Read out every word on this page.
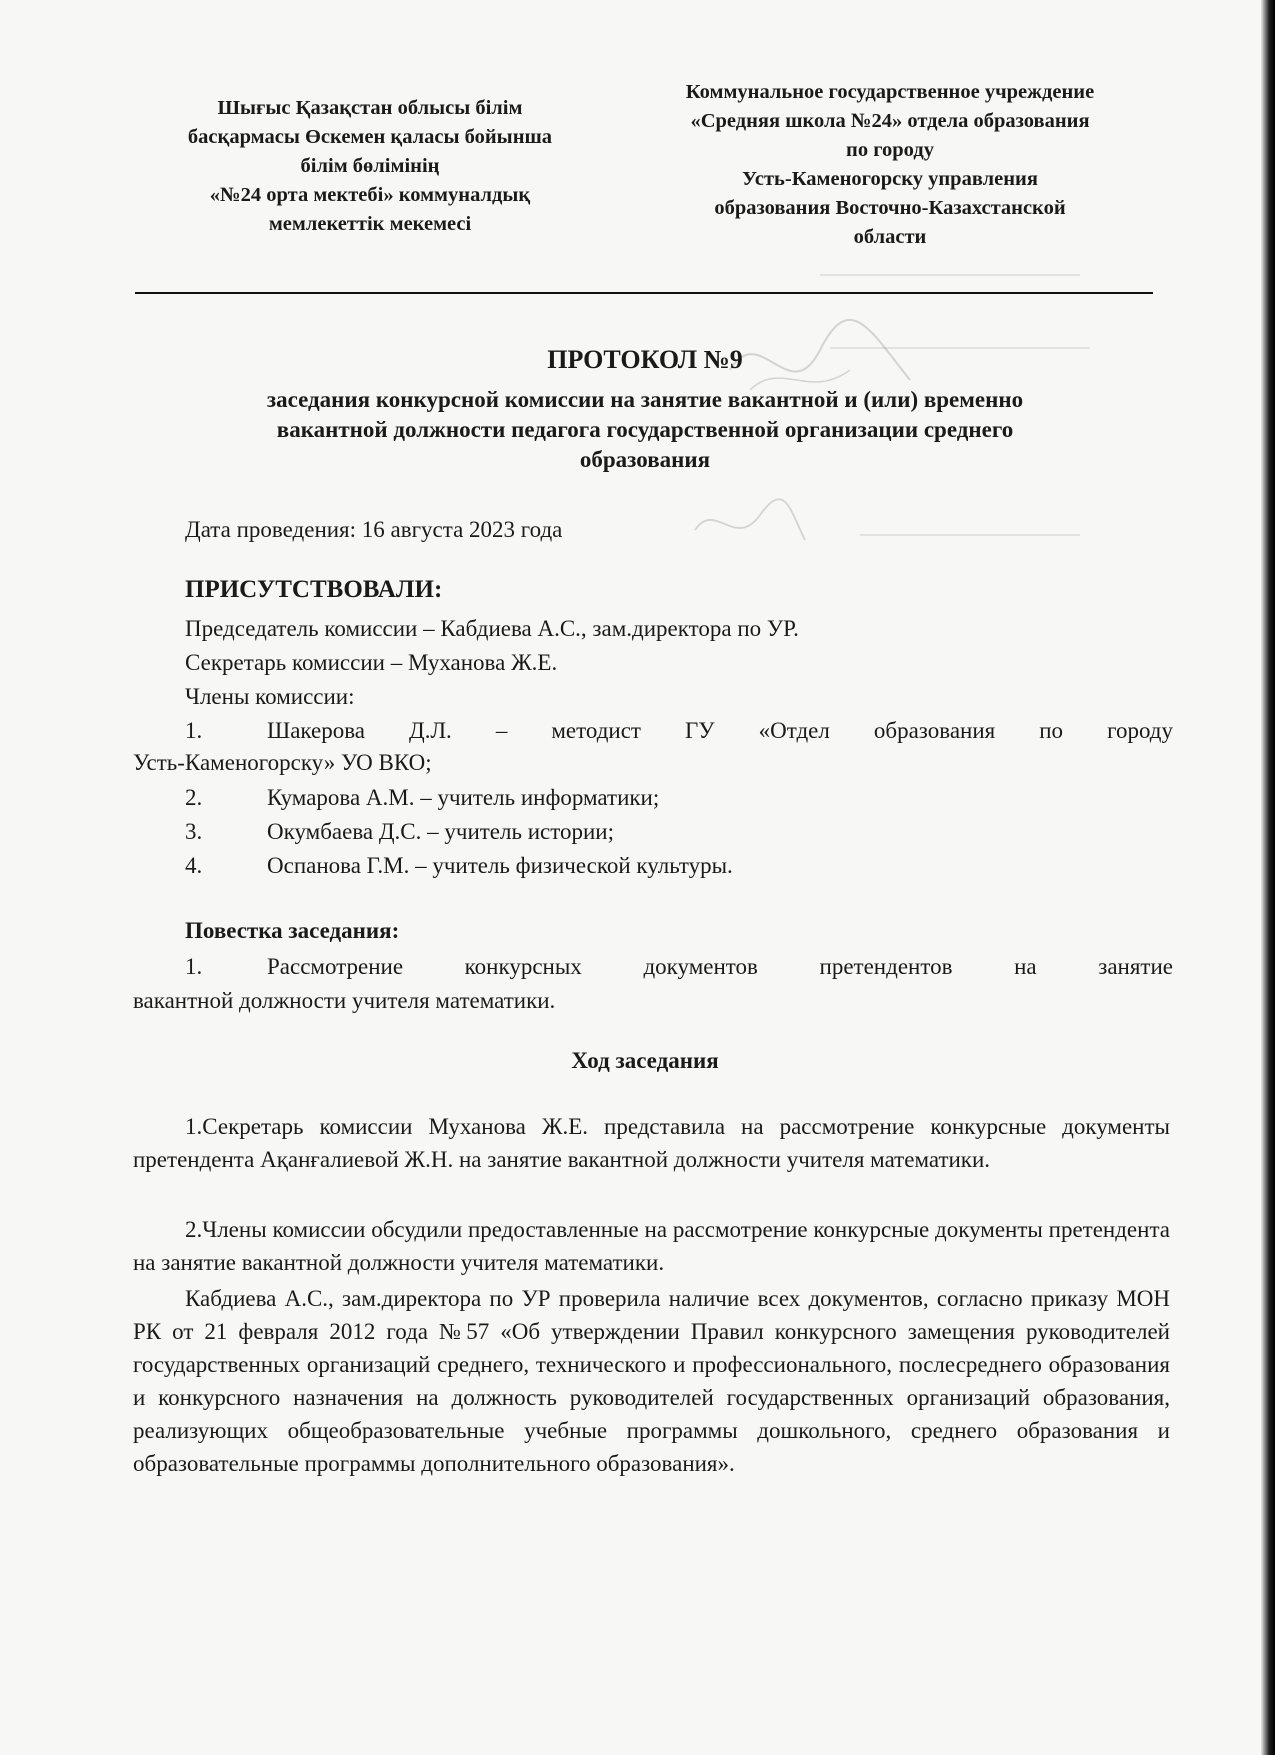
Шығыс Қазақстан облысы білім
басқармасы Өскемен қаласы бойынша
білім бөлімінің
«№24 орта мектебі» коммуналдық
мемлекеттік мекемесі
Коммунальное государственное учреждение
«Средняя школа №24» отдела образования
по городу
Усть-Каменогорску управления
образования Восточно-Казахстанской
области
ПРОТОКОЛ №9
заседания конкурсной комиссии на занятие вакантной и (или) временно
вакантной должности педагога государственной организации среднего
образования
Дата проведения: 16 августа 2023 года
ПРИСУТСТВОВАЛИ:
Председатель комиссии – Кабдиева А.С., зам.директора по УР.
Секретарь комиссии – Муханова Ж.Е.
Члены комиссии:
1.	Шакерова Д.Л. – методист ГУ «Отдел образования по городу
Усть-Каменогорску» УО ВКО;
2.	Кумарова А.М. – учитель информатики;
3.	Окумбаева Д.С. – учитель истории;
4.	Оспанова Г.М. – учитель физической культуры.
Повестка заседания:
1.	Рассмотрение конкурсных документов претендентов на занятие
вакантной должности учителя математики.
Ход заседания
1.Секретарь комиссии Муханова Ж.Е. представила на рассмотрение конкурсные документы претендента Ақанғалиевой Ж.Н. на занятие вакантной должности учителя математики.
2.Члены комиссии обсудили предоставленные на рассмотрение конкурсные документы претендента на занятие вакантной должности учителя математики.
Кабдиева А.С., зам.директора по УР проверила наличие всех документов, согласно приказу МОН РК от 21 февраля 2012 года №57 «Об утверждении Правил конкурсного замещения руководителей государственных организаций среднего, технического и профессионального, послесреднего образования и конкурсного назначения на должность руководителей государственных организаций образования, реализующих общеобразовательные учебные программы дошкольного, среднего образования и образовательные программы дополнительного образования».
